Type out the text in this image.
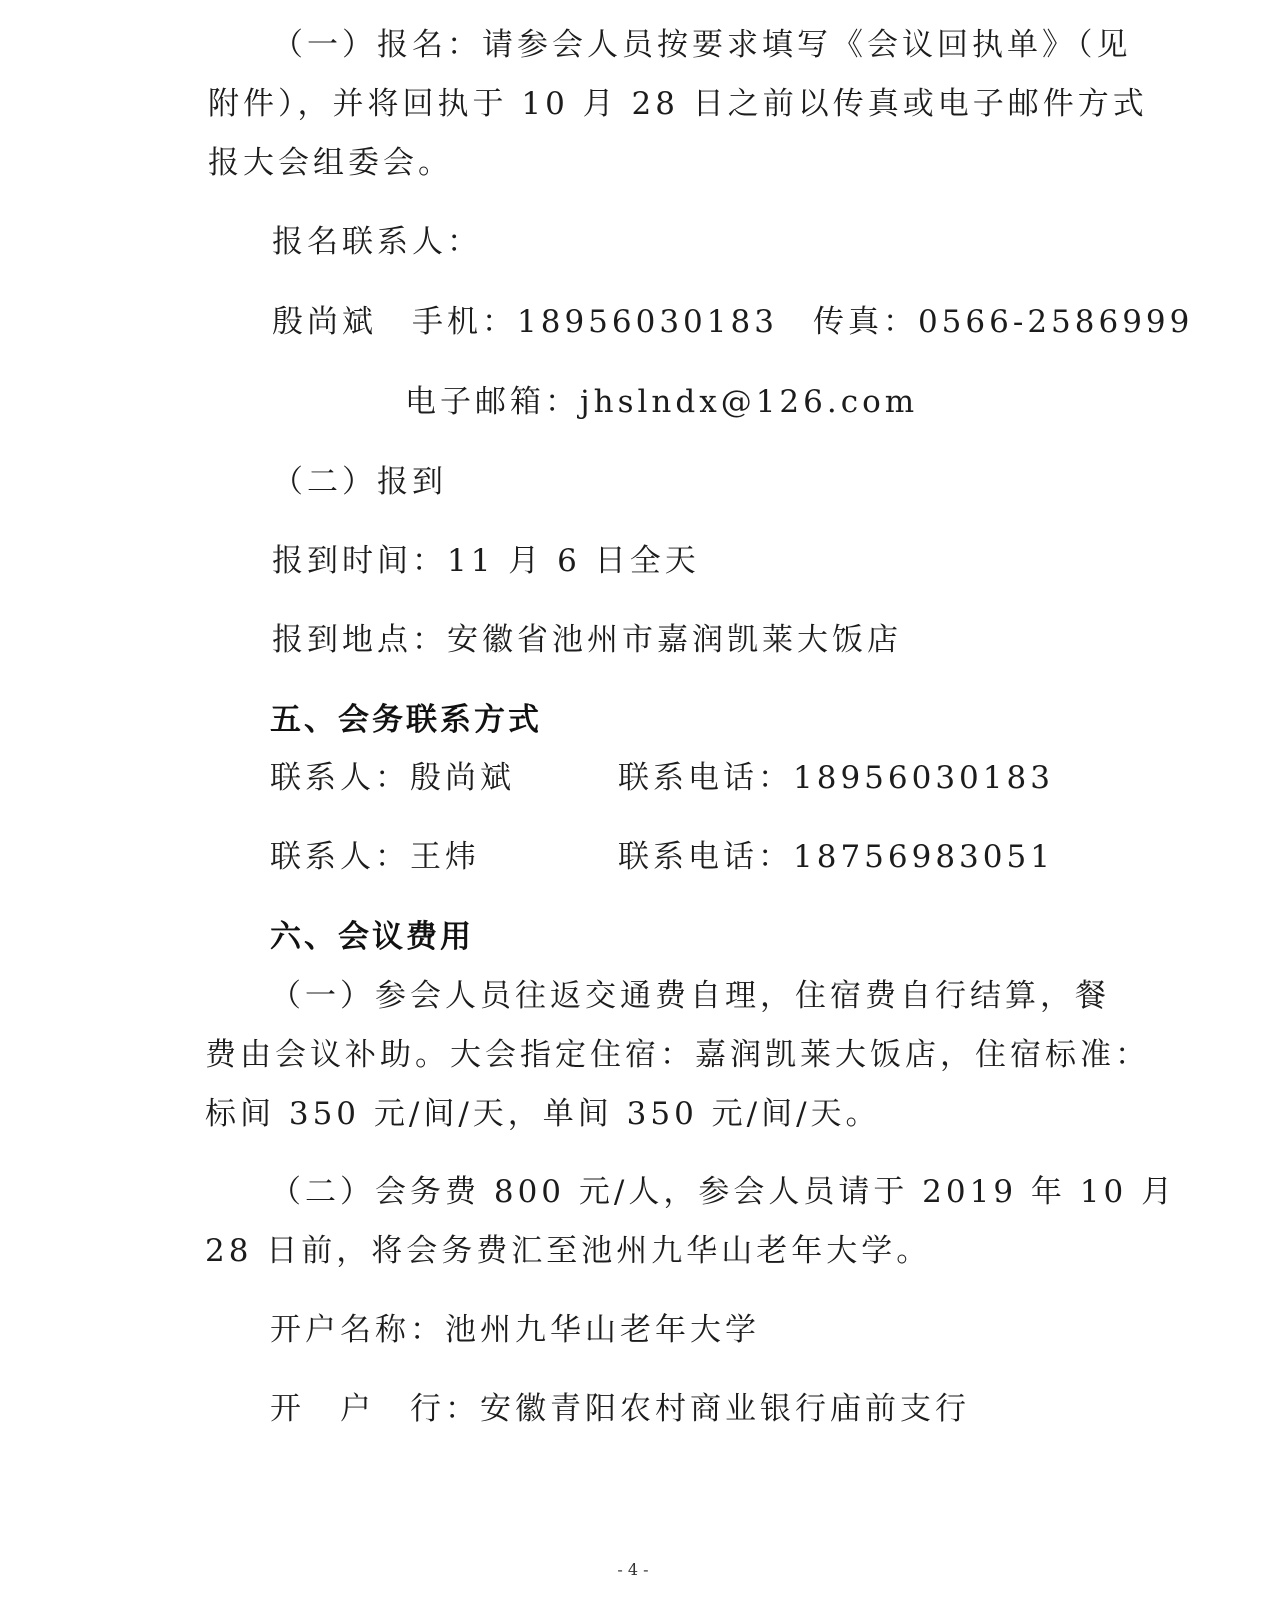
（一）报名：请参会人员按要求填写《会议回执单》（见
附件），并将回执于 10 月 28 日之前以传真或电子邮件方式
报大会组委会。
报名联系人：
殷尚斌　手机：18956030183　传真：0566-2586999
电子邮箱：jhslndx@126.com
（二）报到
报到时间：11 月 6 日全天
报到地点：安徽省池州市嘉润凯莱大饭店
五、会务联系方式
联系人：殷尚斌	联系电话：18956030183
联系人：王炜	联系电话：18756983051
六、会议费用
（一）参会人员往返交通费自理，住宿费自行结算，餐
费由会议补助。大会指定住宿：嘉润凯莱大饭店，住宿标准：
标间 350 元/间/天，单间 350 元/间/天。
（二）会务费 800 元/人，参会人员请于 2019 年 10 月
28 日前，将会务费汇至池州九华山老年大学。
开户名称：池州九华山老年大学
开　户　行：安徽青阳农村商业银行庙前支行
- 4 -
